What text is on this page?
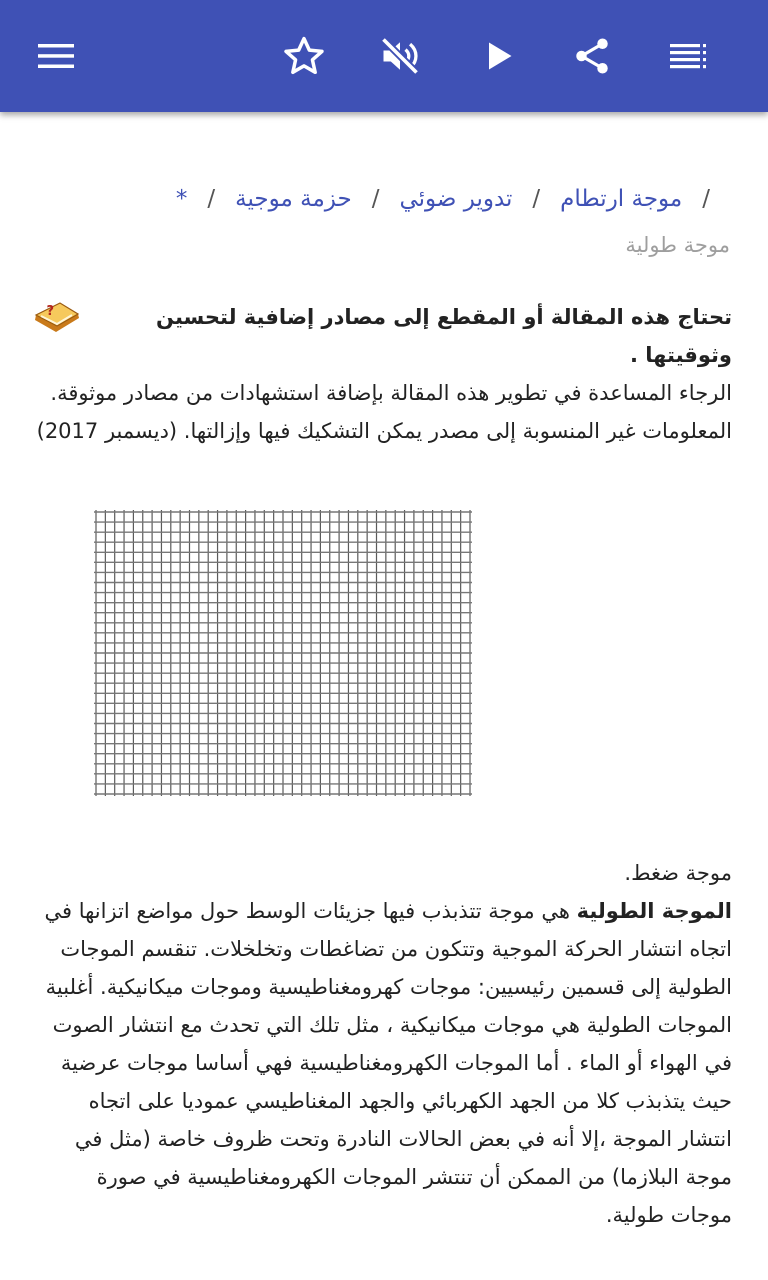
/موجة ارتطام/تدوير ضوئي/حزمة موجية/*
موجة طولية
تحتاج هذه المقالة أو المقطع إلى مصادر إضافية لتحسين وثوقيتها .
?
الرجاء المساعدة في تطوير هذه المقالة بإضافة استشهادات من مصادر موثوقة. المعلومات غير المنسوبة إلى مصدر يمكن التشكيك فيها وإزالتها. (ديسمبر 2017)
موجة ضغط.
الموجة الطولية هي موجة تتذبذب فيها جزيئات الوسط حول مواضع اتزانها في اتجاه انتشار الحركة الموجية وتتكون من تضاغطات وتخلخلات. تنقسم الموجات الطولية إلى قسمين رئيسيين: موجات كهرومغناطيسية وموجات ميكانيكية. أغلبية الموجات الطولية هي موجات ميكانيكية ، مثل تلك التي تحدث مع انتشار الصوت في الهواء أو الماء . أما الموجات الكهرومغناطيسية فهي أساسا موجات عرضية حيث يتذبذب كلا من الجهد الكهربائي والجهد المغناطيسي عموديا على اتجاه انتشار الموجة ،إلا أنه في بعض الحالات النادرة وتحت ظروف خاصة (مثل في موجة البلازما) من الممكن أن تنتشر الموجات الكهرومغناطيسية في صورة موجات طولية.
